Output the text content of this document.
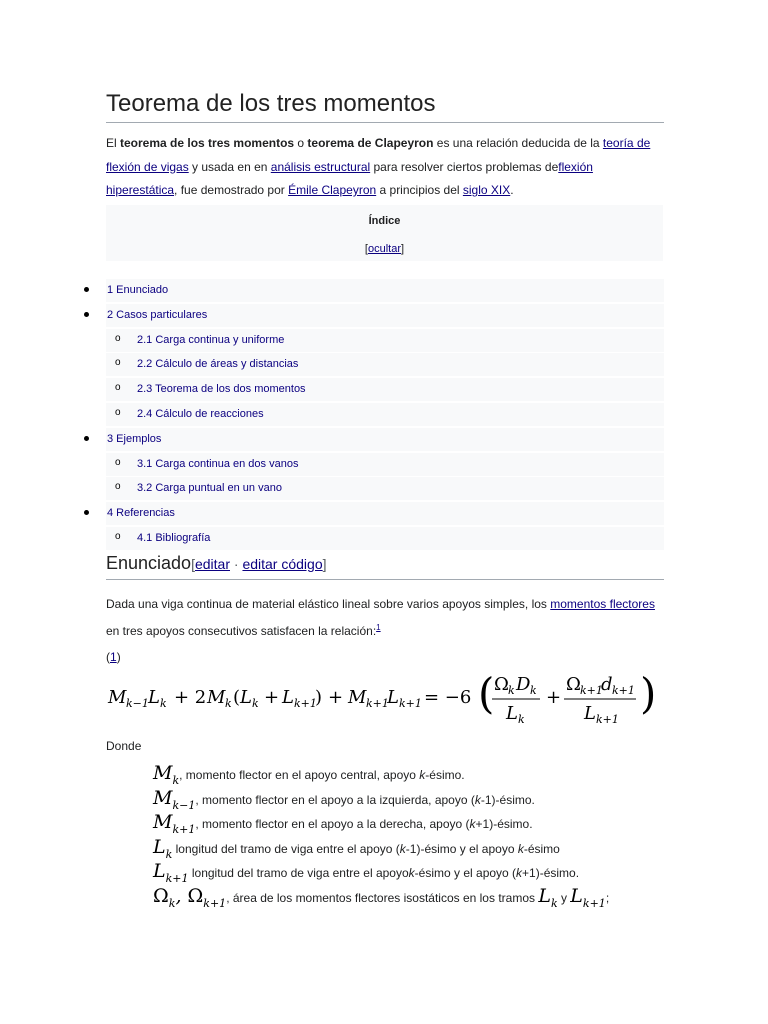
Teorema de los tres momentos
El teorema de los tres momentos o teorema de Clapeyron es una relación deducida de la teoría de flexión de vigas y usada en en análisis estructural para resolver ciertos problemas deflexión hiperestática, fue demostrado por Émile Clapeyron a principios del siglo XIX.
Índice
[ocultar]
1 Enunciado
2 Casos particulares
o 2.1 Carga continua y uniforme
o 2.2 Cálculo de áreas y distancias
o 2.3 Teorema de los dos momentos
o 2.4 Cálculo de reacciones
3 Ejemplos
o 3.1 Carga continua en dos vanos
o 3.2 Carga puntual en un vano
4 Referencias
o 4.1 Bibliografía
Enunciado[editar · editar código]
Dada una viga continua de material elástico lineal sobre varios apoyos simples, los momentos flectores en tres apoyos consecutivos satisfacen la relación:$^1$
(1)
M k−1 L k + 2 M k ( L k + L k+1
) + M k+1
L k+1 = −6 ( Ω k D k
L k
+
Ω k+1
d k+1
L k+1
)
Donde
$M_k$, momento flector en el apoyo central, apoyo k-ésimo.
$M_{k-1}$, momento flector en el apoyo a la izquierda, apoyo (k-1)-ésimo.
$M_{k+1}$, momento flector en el apoyo a la derecha, apoyo (k+1)-ésimo.
$L_k$ longitud del tramo de viga entre el apoyo (k-1)-ésimo y el apoyo k-ésimo
$L_{k+1}$ longitud del tramo de viga entre el apoyok-ésimo y el apoyo (k+1)-ésimo.
$\Omega_k$, $\Omega_{k+1}$, área de los momentos flectores isostáticos en los tramos $L_k$ y $L_{k+1}$;
